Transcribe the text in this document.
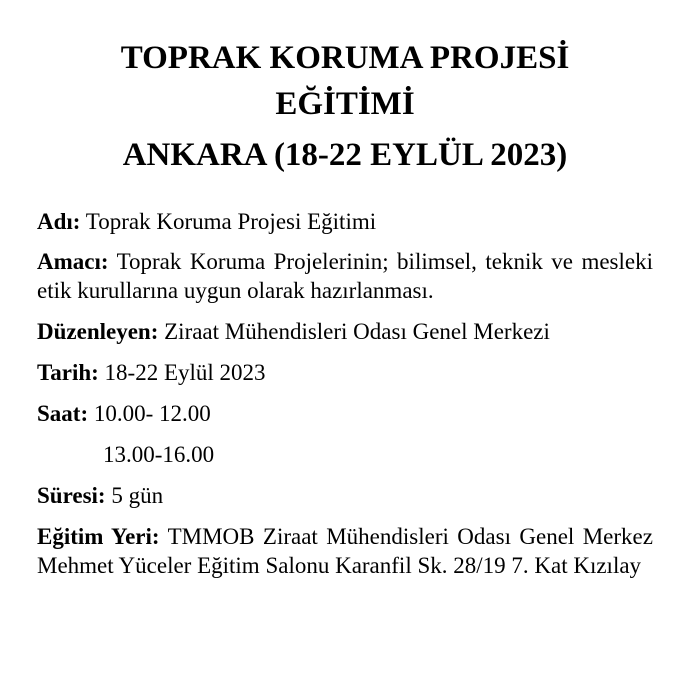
TOPRAK KORUMA PROJESİ
EĞİTİMİ
ANKARA (18-22 EYLÜL 2023)

Adı: Toprak Koruma Projesi Eğitimi

Amacı: Toprak Koruma Projelerinin; bilimsel, teknik ve mesleki etik kurullarına uygun olarak hazırlanması.

Düzenleyen: Ziraat Mühendisleri Odası Genel Merkezi

Tarih: 18-22 Eylül 2023

Saat: 10.00- 12.00
13.00-16.00

Süresi: 5 gün

Eğitim Yeri: TMMOB Ziraat Mühendisleri Odası Genel Merkez Mehmet Yüceler Eğitim Salonu Karanfil Sk. 28/19 7. Kat Kızılay
